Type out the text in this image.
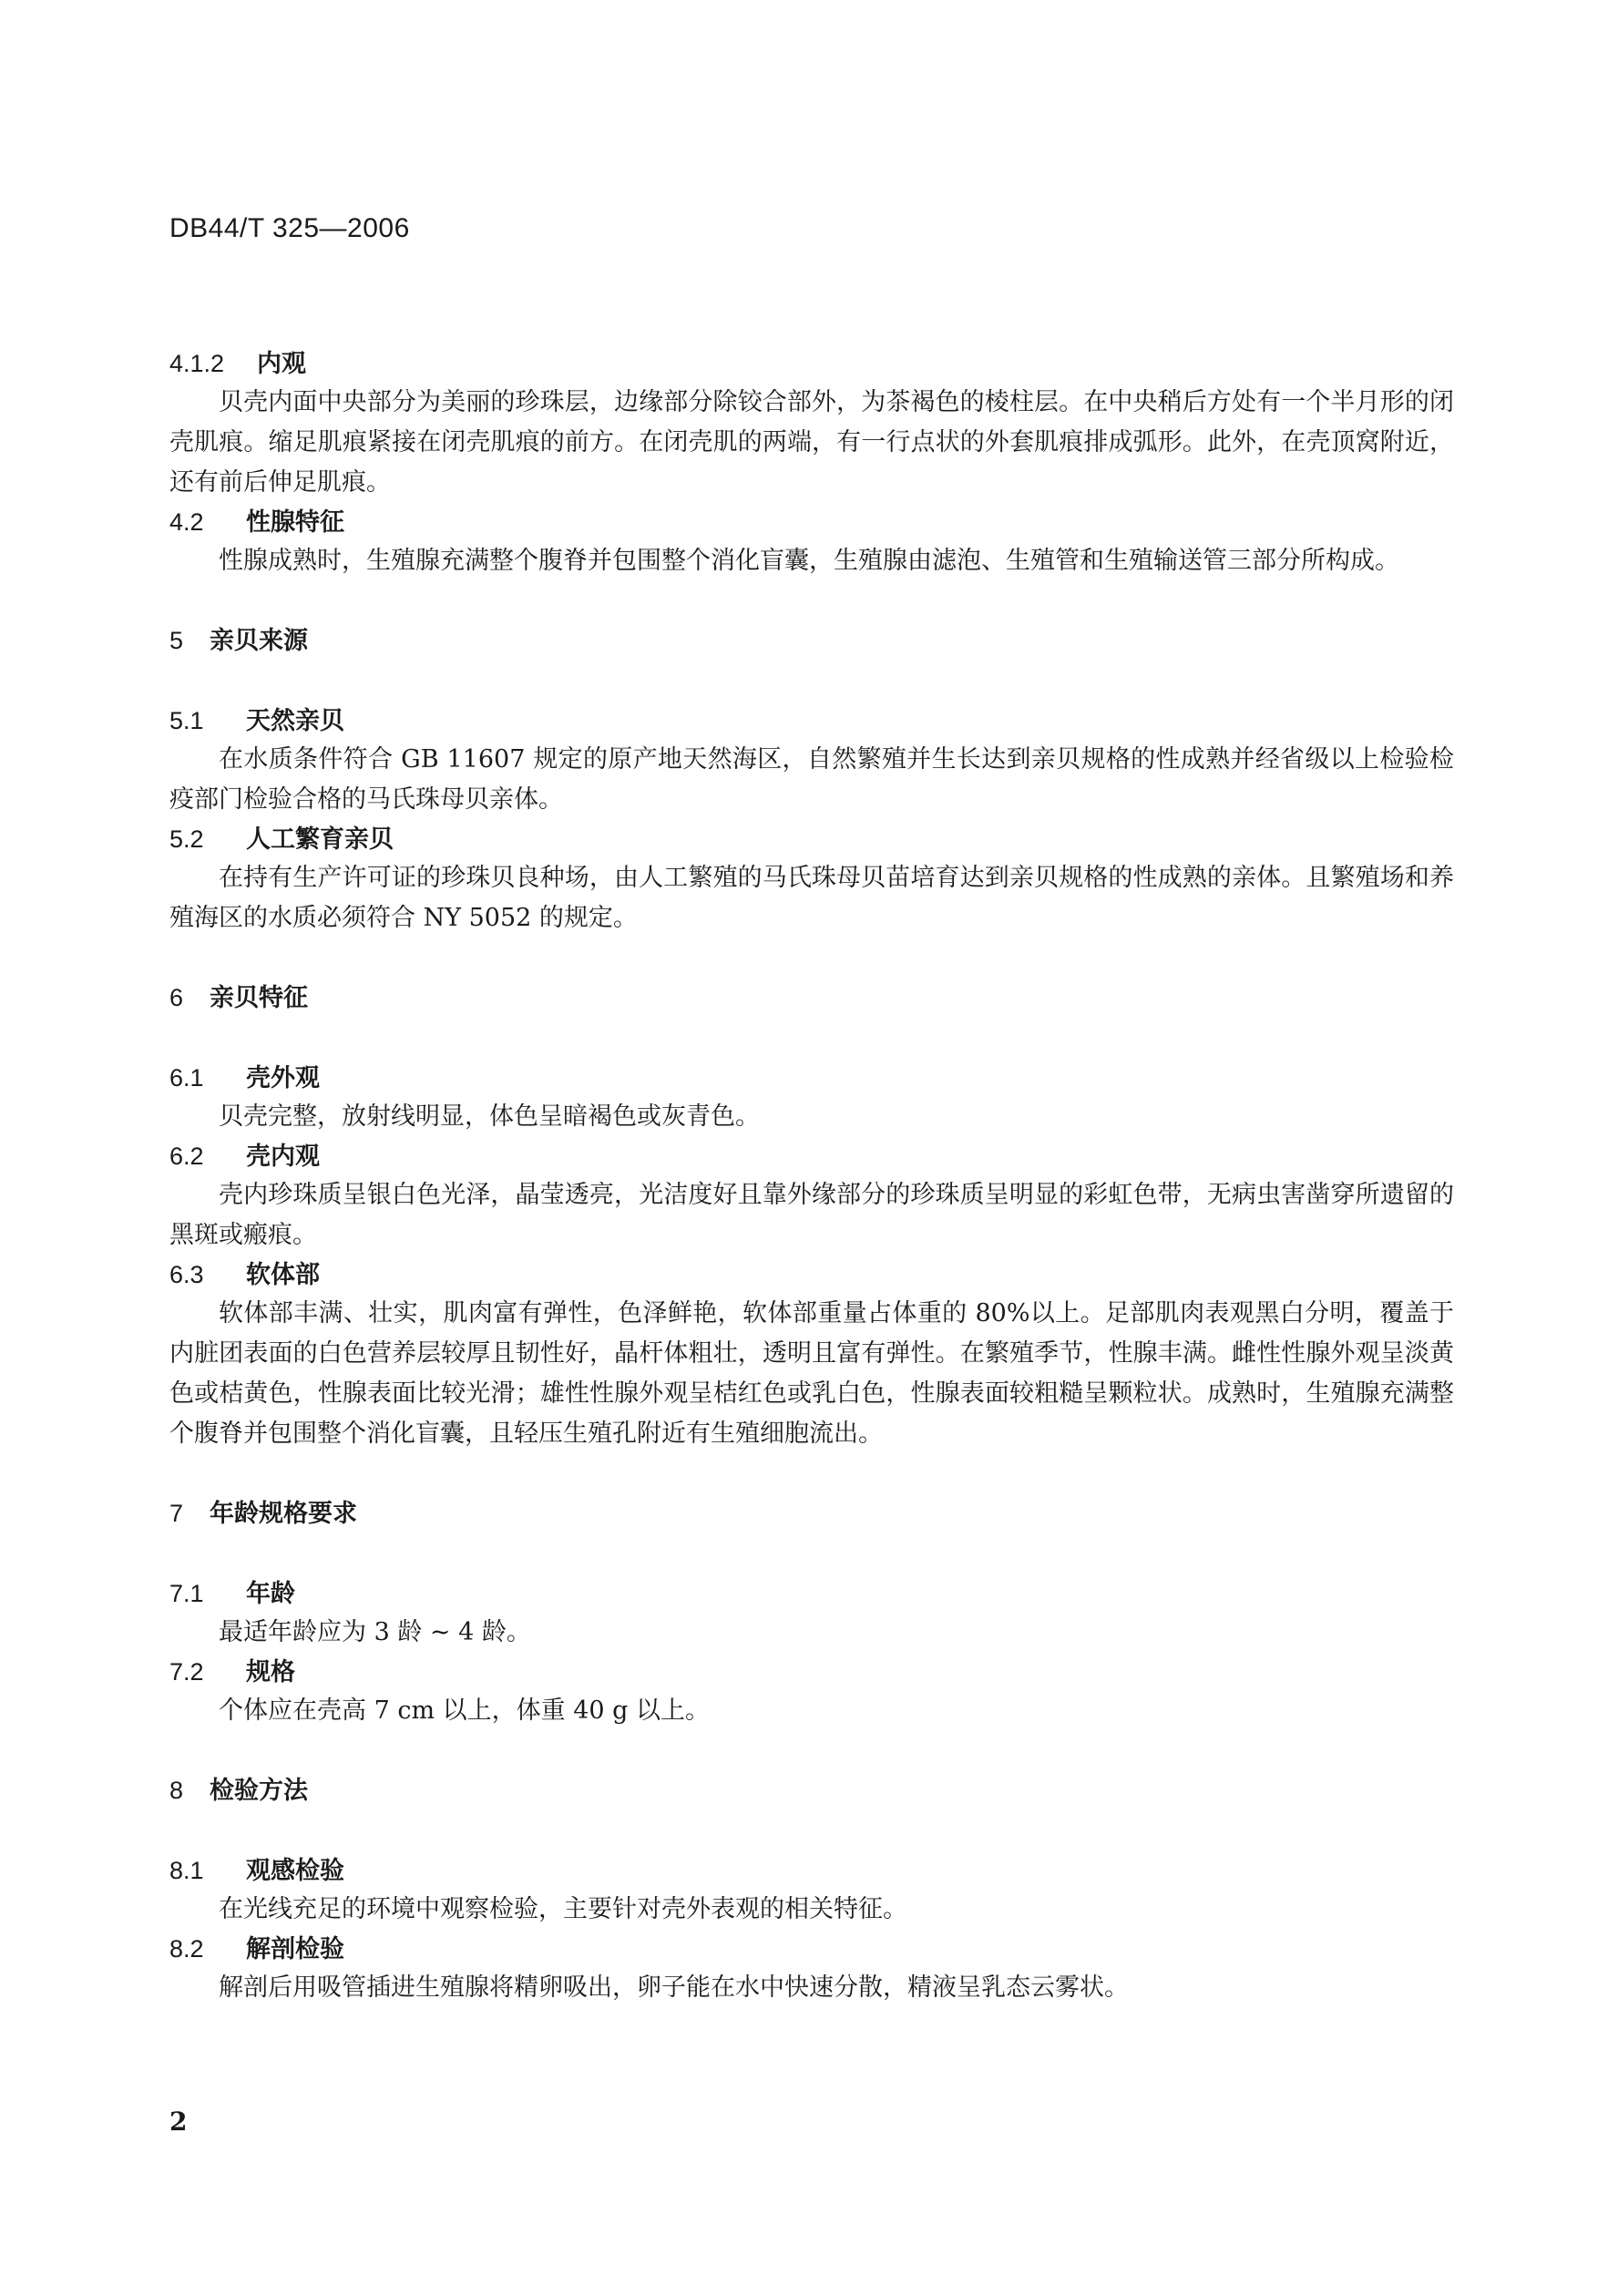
DB44/T 325—2006
4.1.2 内观

贝壳内面中央部分为美丽的珍珠层，边缘部分除铰合部外，为茶褐色的棱柱层。在中央稍后方处有一个半月形的闭壳肌痕。缩足肌痕紧接在闭壳肌痕的前方。在闭壳肌的两端，有一行点状的外套肌痕排成弧形。此外，在壳顶窝附近，还有前后伸足肌痕。

4.2 性腺特征

性腺成熟时，生殖腺充满整个腹脊并包围整个消化盲囊，生殖腺由滤泡、生殖管和生殖输送管三部分所构成。

5 亲贝来源
5.1 天然亲贝

在水质条件符合 GB 11607 规定的原产地天然海区，自然繁殖并生长达到亲贝规格的性成熟并经省级以上检验检疫部门检验合格的马氏珠母贝亲体。

5.2 人工繁育亲贝

在持有生产许可证的珍珠贝良种场，由人工繁殖的马氏珠母贝苗培育达到亲贝规格的性成熟的亲体。且繁殖场和养殖海区的水质必须符合 NY 5052 的规定。

6 亲贝特征
6.1 壳外观

贝壳完整，放射线明显，体色呈暗褐色或灰青色。

6.2 壳内观

壳内珍珠质呈银白色光泽，晶莹透亮，光洁度好且靠外缘部分的珍珠质呈明显的彩虹色带，无病虫害凿穿所遗留的黑斑或瘢痕。

6.3 软体部

软体部丰满、壮实，肌肉富有弹性，色泽鲜艳，软体部重量占体重的 80%以上。足部肌肉表观黑白分明，覆盖于内脏团表面的白色营养层较厚且韧性好，晶杆体粗壮，透明且富有弹性。在繁殖季节，性腺丰满。雌性性腺外观呈淡黄色或桔黄色，性腺表面比较光滑；雄性性腺外观呈桔红色或乳白色，性腺表面较粗糙呈颗粒状。成熟时，生殖腺充满整个腹脊并包围整个消化盲囊，且轻压生殖孔附近有生殖细胞流出。

7 年龄规格要求
7.1 年龄

最适年龄应为 3 龄 ~ 4 龄。

7.2 规格

个体应在壳高 7 cm 以上，体重 40 g 以上。

8 检验方法
8.1 观感检验

在光线充足的环境中观察检验，主要针对壳外表观的相关特征。

8.2 解剖检验

解剖后用吸管插进生殖腺将精卵吸出，卵子能在水中快速分散，精液呈乳态云雾状。

2
